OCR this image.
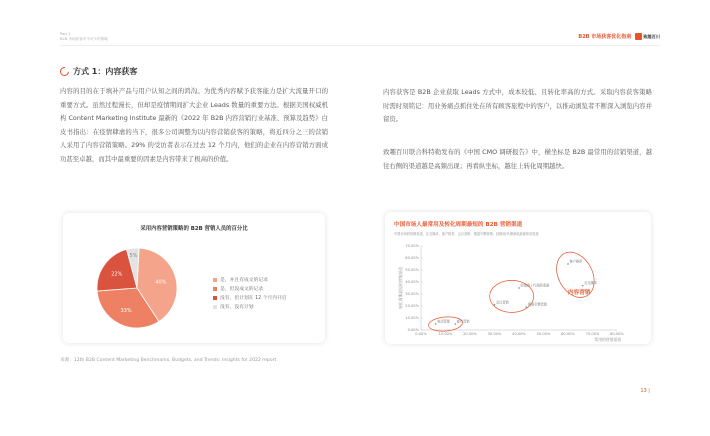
Part 2
B2B 市场获客中不可少的策略	B2B 市场获客优化指南	致趣百川
方式 1：内容获客

内容的目的在于填补产品与用户认知之间的鸿沟。为优秀内容赋予获客能力是扩大流量开口的重要方式。虽然过程漫长，但却是疫情期间扩大企业 Leads 数量的重要方法。根据美国权威机构 Content Marketing Institute 最新的《2022 年 B2B 内容营销行业基准、预算及趋势》白皮书指出：在疫情肆虐的当下，很多公司调整为以内容营销获客的策略，将近四分之三的营销人采用了内容营销策略。29% 的受访者表示在过去 12 个月内，他们的企业在内容营销方面成功甚至卓越，而其中最重要的因素是内容带来了极高的价值。

内容获客是 B2B 企业获取 Leads 方式中，成本较低、且转化率高的方式。采取内容获客策略时需时刻铭记：用业务痛点抓住处在所有顾客旅程中的客户，以推动浏览者不断深入浏览内容并留资。

致趣百川联合科特勒发布的《中国 CMO 调研报告》中，横坐标是 B2B 最常用的营销渠道，越往右侧的渠道越是高频出现；再看纵坐标，越往上转化周期越快。

采用内容营销策略的 B2B 营销人员的百分比
40%
33%
22%
5%
是，并且有成文的记录
是，但没成文的记录
没有，但计划在 12 个月内开启
没有，没有计划
来源：12th B2B Content Marketing Benchmarks, Budgets, and Trends: Insights for 2022 report
中国市场人最常用及转化周期最短的 B2B 营销渠道
中国市场的营销渠道，社交媒体、客户推荐、会议营销、搜索引擎营销、经销商/代理商渠道最常用渠道
0.00%
10.00%
20.00%
30.00%
40.00%
50.00%
60.00%
70.00%
0.00%	10.00%	20.00%	30.00%	40.00%	50.00%	60.00%	70.00%	80.00%
转化周期最短的营销渠道
常用的营销渠道
客户推荐
社交媒体
经销商 / 代理商渠道
会议营销
搜索引擎营销
电话营销 邮件营销
内容营销
13 |
